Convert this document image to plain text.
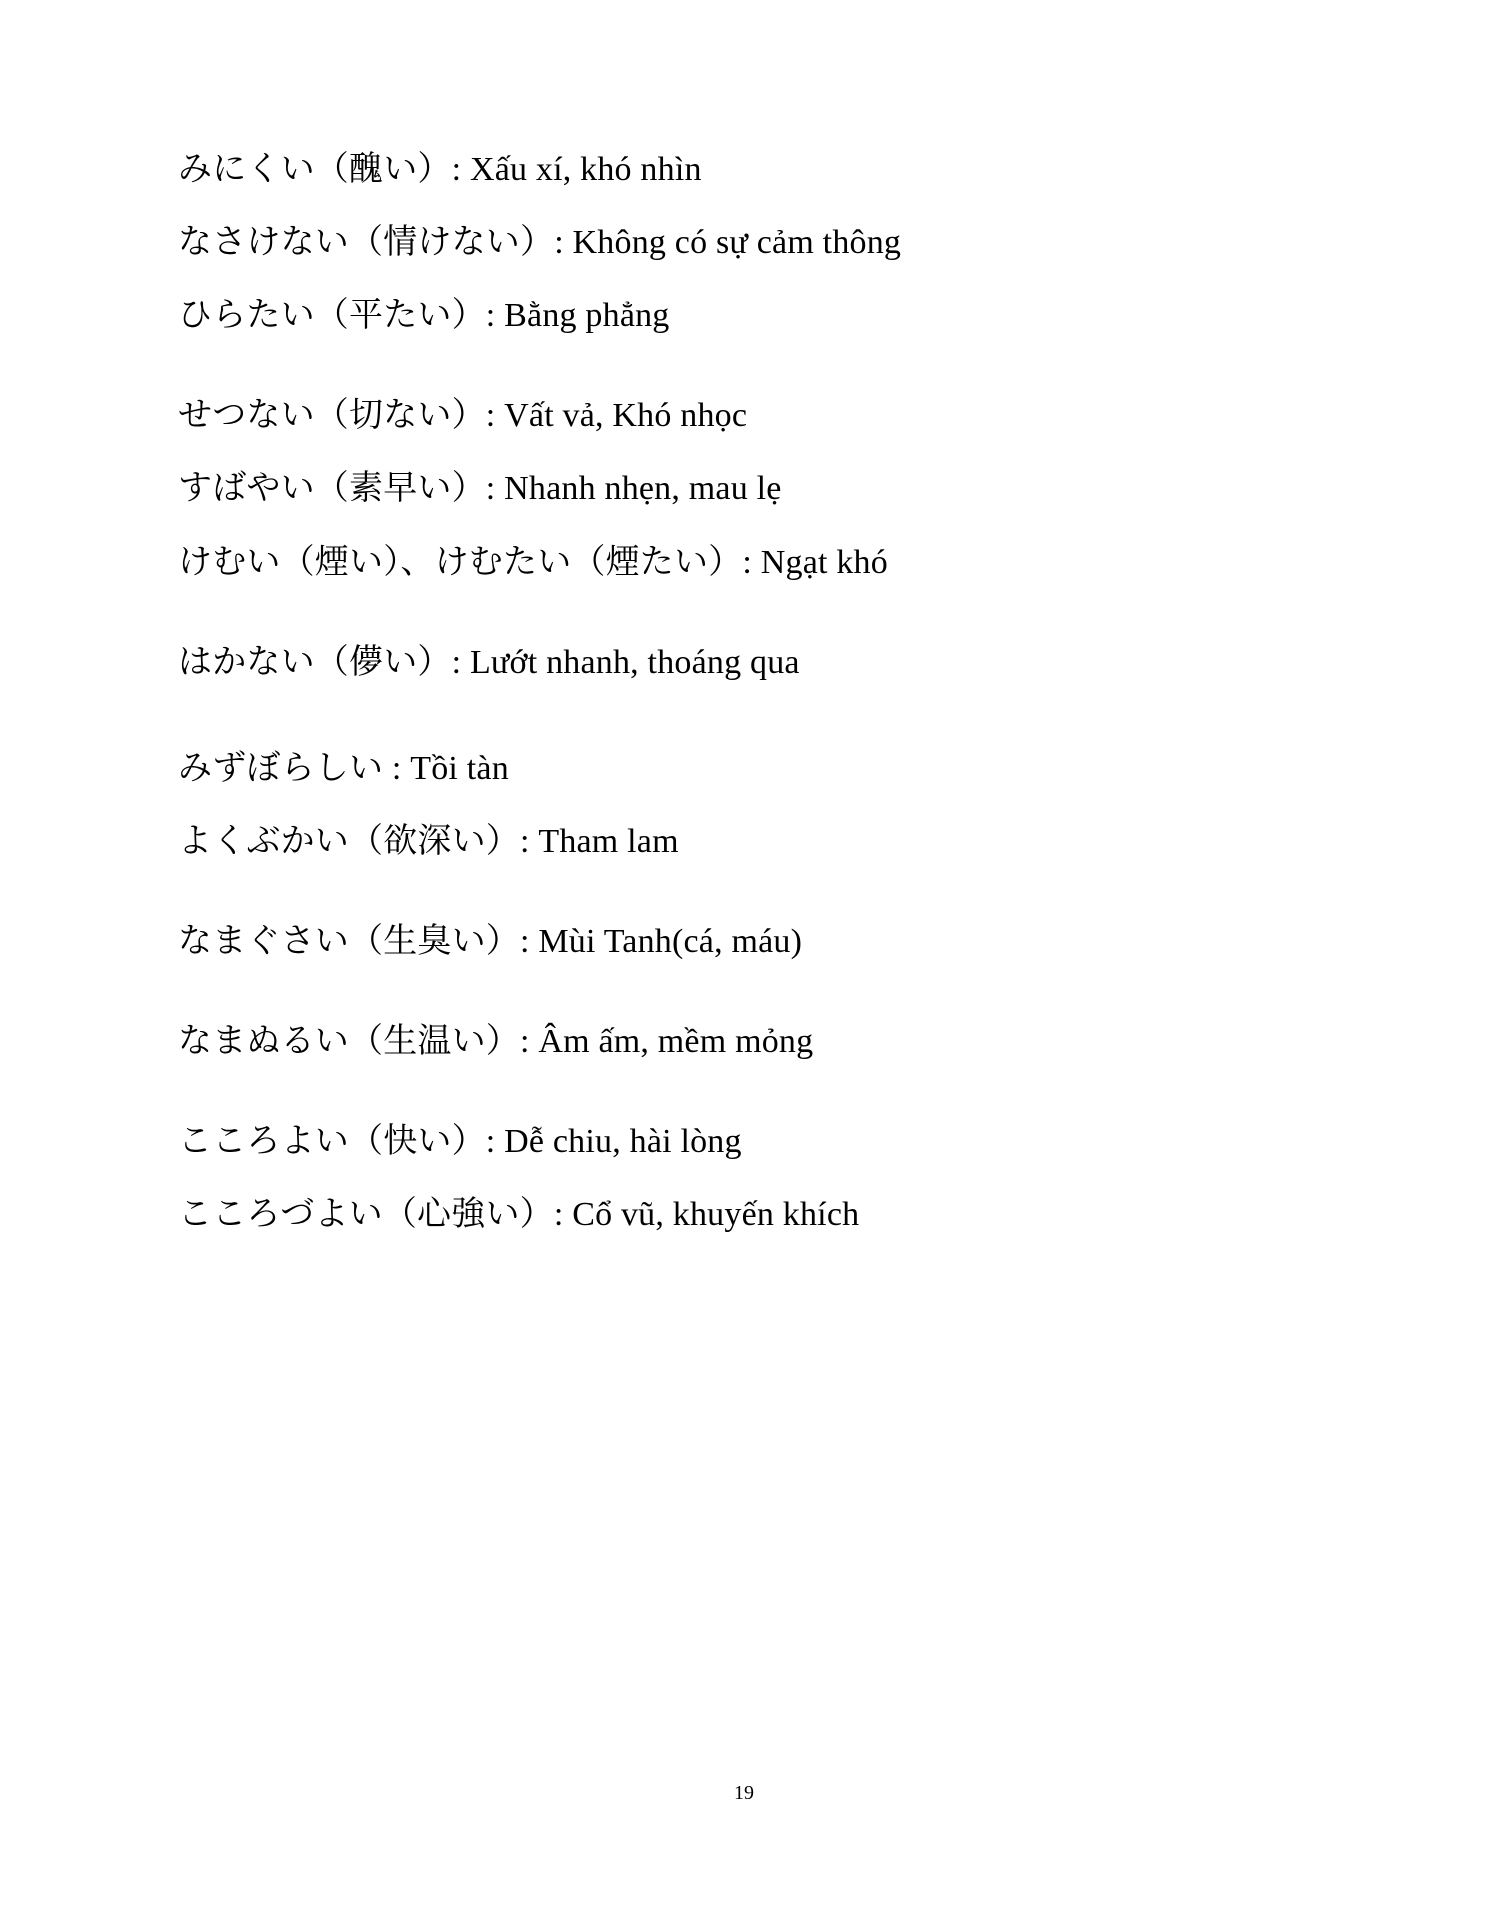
みにくい（醜い）: Xấu xí, khó nhìn
なさけない（情けない）: Không có sự cảm thông
ひらたい（平たい）: Bằng phẳng
せつない（切ない）: Vất vả, Khó nhọc
すばやい（素早い）: Nhanh nhẹn, mau lẹ
けむい（煙い）、けむたい（煙たい）: Ngạt khó
はかない（儚い）: Lướt nhanh, thoáng qua
みずぼらしい : Tồi tàn
よくぶかい（欲深い）: Tham lam
なまぐさい（生臭い）: Mùi Tanh(cá, máu)
なまぬるい（生温い）: Âm ấm, mềm mỏng
こころよい（快い）: Dễ chiu, hài lòng
こころづよい（心強い）: Cổ vũ, khuyến khích
19
